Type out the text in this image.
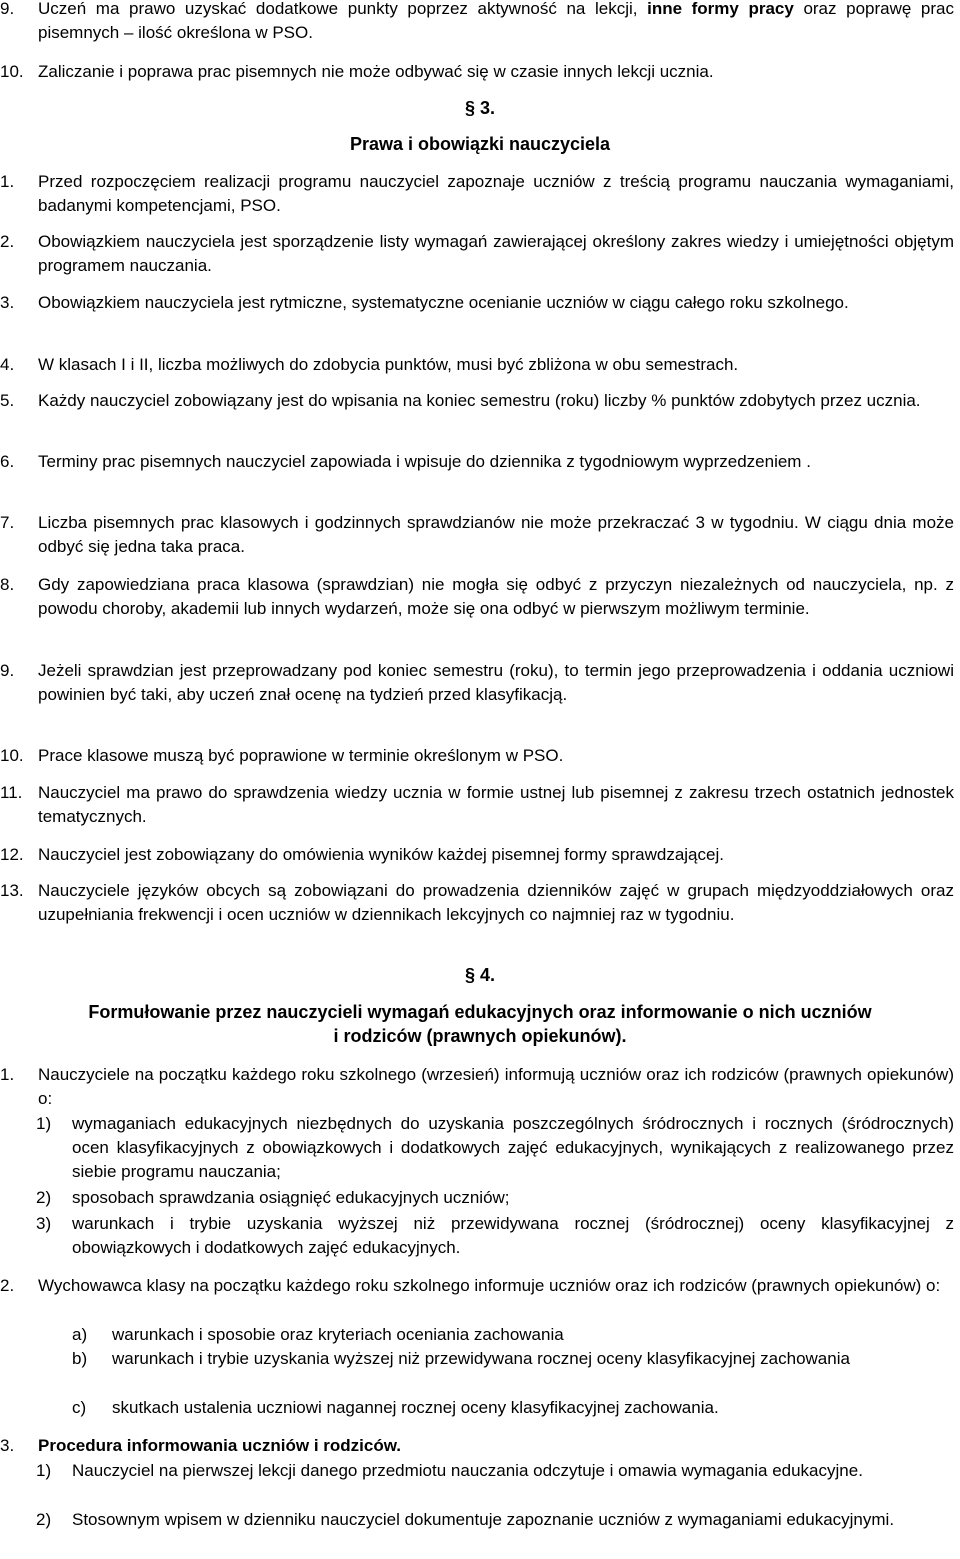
9.	Uczeń ma prawo uzyskać dodatkowe punkty poprzez aktywność na lekcji, inne formy pracy oraz poprawę prac pisemnych – ilość określona w PSO.
10. Zaliczanie i poprawa prac pisemnych nie może odbywać się w czasie innych lekcji ucznia.
§ 3.
Prawa i obowiązki nauczyciela
1.	Przed rozpoczęciem realizacji programu nauczyciel zapoznaje uczniów z treścią programu nauczania wymaganiami, badanymi kompetencjami, PSO.
2.	Obowiązkiem nauczyciela jest sporządzenie listy wymagań zawierającej określony zakres wiedzy i umiejętności objętym programem nauczania.
3.	Obowiązkiem nauczyciela jest rytmiczne, systematyczne ocenianie uczniów w ciągu całego roku szkolnego.
4.	W klasach I i II, liczba możliwych do zdobycia punktów, musi być zbliżona w obu semestrach.
5.	Każdy nauczyciel zobowiązany jest do wpisania na koniec semestru (roku) liczby % punktów zdobytych przez ucznia.
6.	Terminy prac pisemnych nauczyciel zapowiada i wpisuje do dziennika z tygodniowym wyprzedzeniem .
7.	Liczba pisemnych prac klasowych i godzinnych sprawdzianów nie może przekraczać 3 w tygodniu. W ciągu dnia może odbyć się jedna taka praca.
8.	Gdy zapowiedziana praca klasowa (sprawdzian) nie mogła się odbyć z przyczyn niezależnych od nauczyciela, np. z powodu choroby, akademii lub innych wydarzeń, może się ona odbyć w pierwszym możliwym terminie.
9.	Jeżeli sprawdzian jest przeprowadzany pod koniec semestru (roku), to termin jego przeprowadzenia i oddania uczniowi powinien być taki, aby uczeń znał ocenę na tydzień przed klasyfikacją.
10. Prace klasowe muszą być poprawione w terminie określonym w PSO.
11. Nauczyciel ma prawo do sprawdzenia wiedzy ucznia w formie ustnej lub pisemnej z zakresu trzech ostatnich jednostek tematycznych.
12. Nauczyciel jest zobowiązany do omówienia wyników każdej pisemnej formy sprawdzającej.
13. Nauczyciele języków obcych są zobowiązani do prowadzenia dzienników zajęć w grupach międzyoddziałowych oraz uzupełniania frekwencji i ocen uczniów w dziennikach lekcyjnych co najmniej raz w tygodniu.
§ 4.
Formułowanie przez nauczycieli wymagań edukacyjnych oraz informowanie o nich uczniów
i rodziców (prawnych opiekunów).
1.	Nauczyciele na początku każdego roku szkolnego (wrzesień) informują uczniów oraz ich rodziców (prawnych opiekunów) o:
1)	wymaganiach edukacyjnych niezbędnych do uzyskania poszczególnych śródrocznych i rocznych (śródrocznych) ocen klasyfikacyjnych z obowiązkowych i dodatkowych zajęć edukacyjnych, wynikających z realizowanego przez siebie programu nauczania;
2)	sposobach sprawdzania osiągnięć edukacyjnych uczniów;
3)	warunkach i trybie uzyskania wyższej niż przewidywana rocznej (śródrocznej) oceny klasyfikacyjnej z obowiązkowych i dodatkowych zajęć edukacyjnych.
2.	Wychowawca klasy na początku każdego roku szkolnego informuje uczniów oraz ich rodziców (prawnych opiekunów) o:
a)	warunkach i sposobie oraz kryteriach oceniania zachowania
b)	warunkach i trybie uzyskania wyższej niż przewidywana rocznej oceny klasyfikacyjnej zachowania
c)	skutkach ustalenia uczniowi nagannej rocznej oceny klasyfikacyjnej zachowania.
3.	Procedura informowania uczniów i rodziców.
1)	Nauczyciel na pierwszej lekcji danego przedmiotu nauczania odczytuje i omawia wymagania edukacyjne.
2)	Stosownym wpisem w dzienniku nauczyciel dokumentuje zapoznanie uczniów z wymaganiami edukacyjnymi.
